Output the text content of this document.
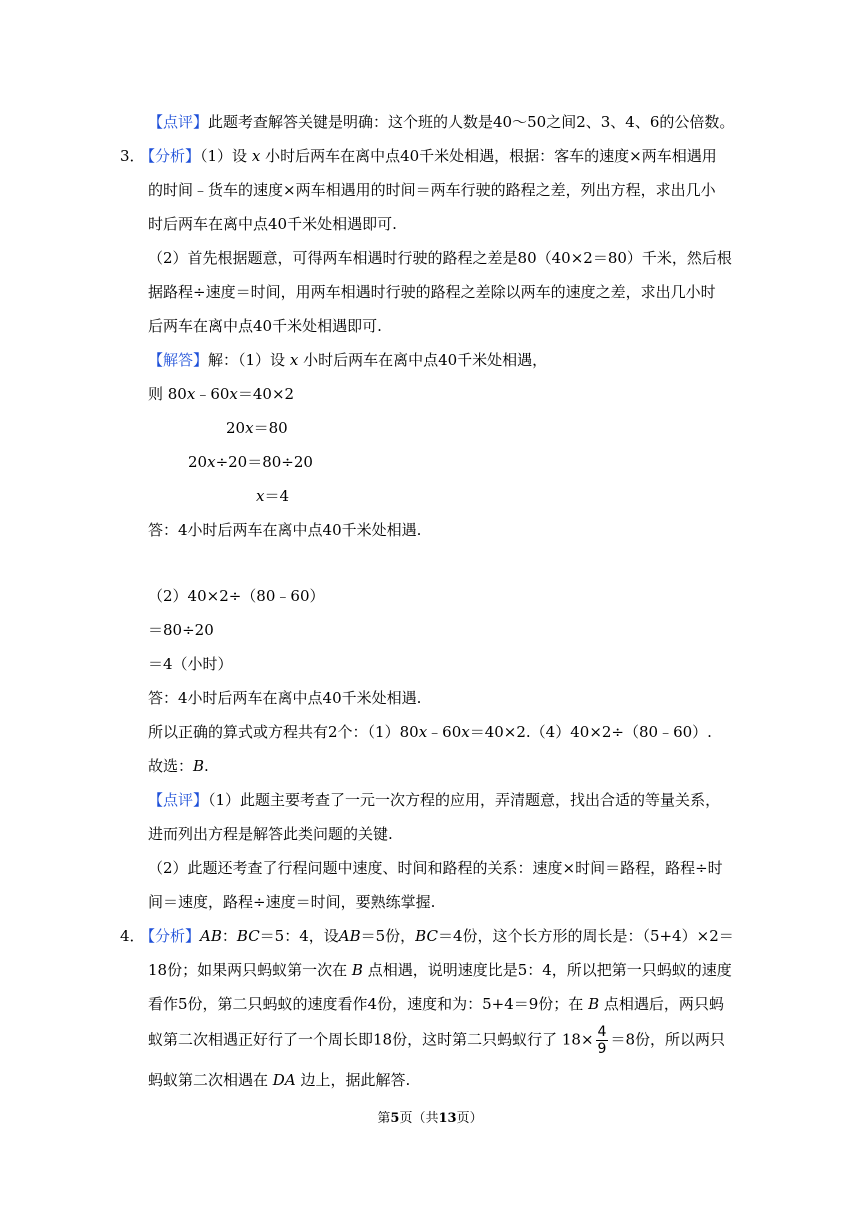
【点评】此题考查解答关键是明确：这个班的人数是40～50之间2、3、4、6的公倍数。
3．
【分析】（1）设 x 小时后两车在离中点40千米处相遇，根据：客车的速度×两车相遇用
的时间﹣货车的速度×两车相遇用的时间＝两车行驶的路程之差，列出方程，求出几小
时后两车在离中点40千米处相遇即可.
（2）首先根据题意，可得两车相遇时行驶的路程之差是80（40×2＝80）千米，然后根
据路程÷速度＝时间，用两车相遇时行驶的路程之差除以两车的速度之差，求出几小时
后两车在离中点40千米处相遇即可.
【解答】解：（1）设 x 小时后两车在离中点40千米处相遇，
则 80x﹣60x＝40×2
20x＝80
20x÷20＝80÷20
x＝4
答：4小时后两车在离中点40千米处相遇.
（2）40×2÷（80﹣60）
＝80÷20
＝4（小时）
答：4小时后两车在离中点40千米处相遇.
所以正确的算式或方程共有2个：（1）80x﹣60x＝40×2.（4）40×2÷（80﹣60）.
故选：B.
【点评】（1）此题主要考查了一元一次方程的应用，弄清题意，找出合适的等量关系，
进而列出方程是解答此类问题的关键.
（2）此题还考查了行程问题中速度、时间和路程的关系：速度×时间＝路程，路程÷时
间＝速度，路程÷速度＝时间，要熟练掌握.
4．
【分析】AB：BC＝5：4，设AB＝5份，BC＝4份，这个长方形的周长是：（5+4）×2＝
18份；如果两只蚂蚁第一次在 B 点相遇，说明速度比是5：4，所以把第一只蚂蚁的速度
看作5份，第二只蚂蚁的速度看作4份，速度和为：5+4＝9份；在 B 点相遇后，两只蚂
蚁第二次相遇正好行了一个周长即18份，这时第二只蚂蚁行了 $18\times \frac{4}{9} =8$份，所以两只
蚂蚁第二次相遇在 DA 边上，据此解答.
第5页（共13页）
